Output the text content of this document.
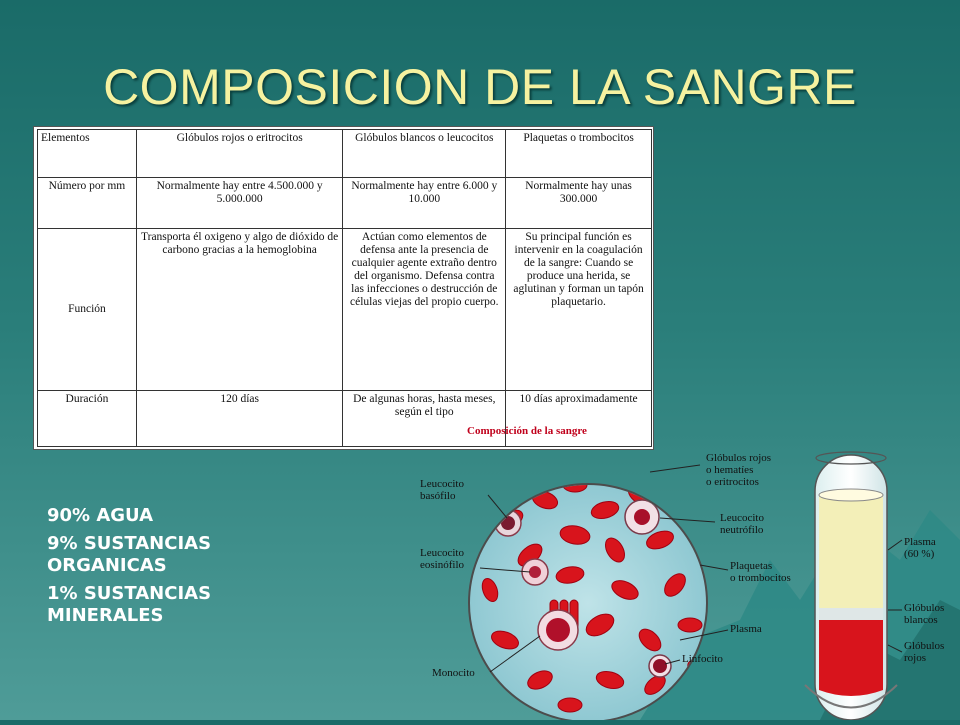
COMPOSICION DE LA SANGRE
Elementos	Glóbulos rojos o eritrocitos	Glóbulos blancos o leucocitos	Plaquetas o trombocitos
Número por mm	Normalmente hay entre 4.500.000 y 5.000.000	Normalmente hay entre 6.000 y 10.000	Normalmente hay unas 300.000
Función	Transporta él oxigeno y algo de dióxido de carbono gracias a la hemoglobina	Actúan como elementos de defensa ante la presencia de cualquier agente extraño dentro del organismo. Defensa contra las infecciones o destrucción de células viejas del propio cuerpo.	Su principal función es intervenir en la coagulación de la sangre: Cuando se produce una herida, se aglutinan y forman un tapón plaquetario.
Duración	120 días	De algunas horas, hasta meses, según el tipo	10 días aproximadamente
Composición de la sangre
90% AGUA
9% SUSTANCIAS ORGANICAS
1% SUSTANCIAS MINERALES
Leucocito
basófilo
Leucocito
eosinófilo
Monocito
Glóbulos rojos
o hematíes
o eritrocitos
Leucocito
neutrófilo
Plaquetas
o trombocitos
Plasma
Linfocito
Plasma
(60 %)
Glóbulos
blancos
Glóbulos
rojos
